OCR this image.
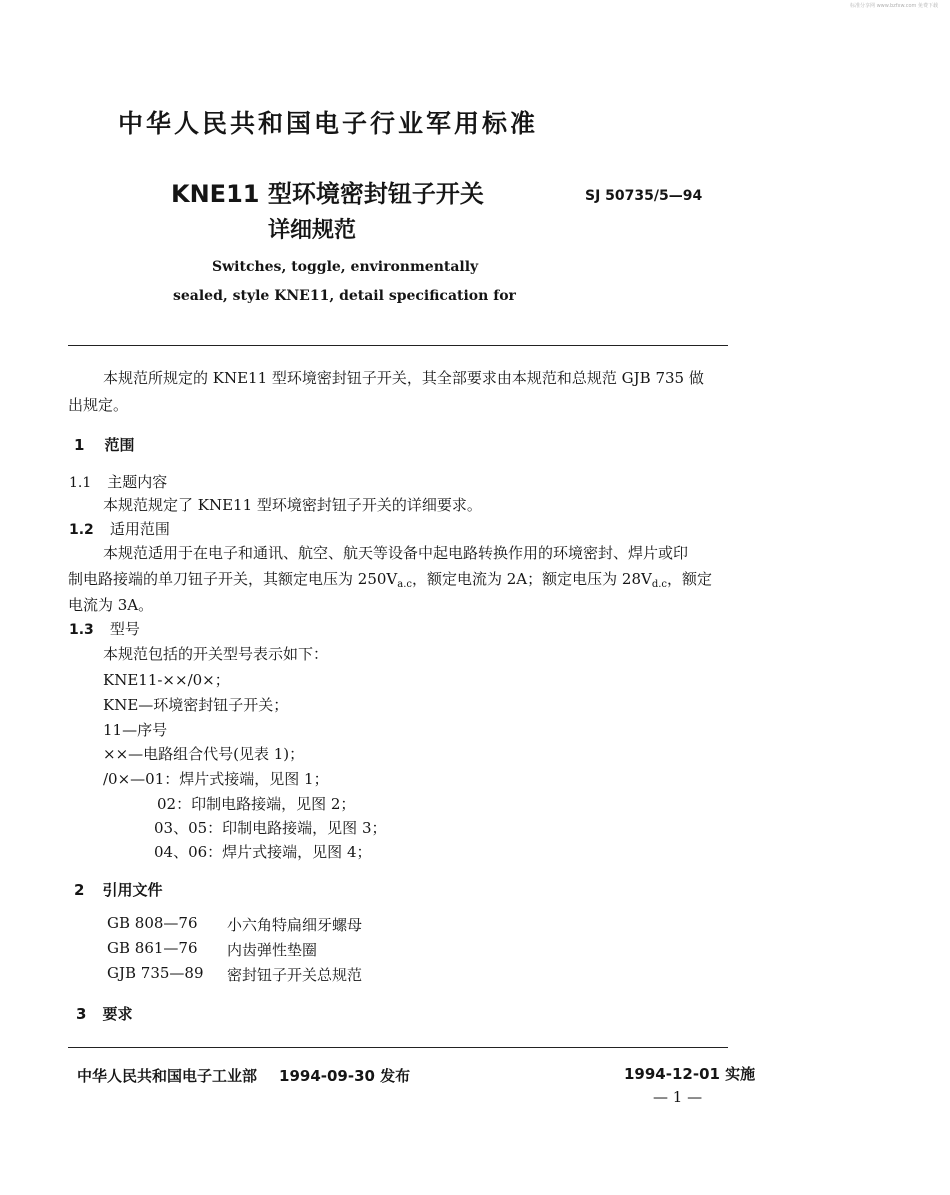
标准分享网 www.bzfxw.com 免费下载
中华人民共和国电子行业军用标准
KNE11 型环境密封钮子开关
详细规范
SJ 50735/5—94
Switches, toggle, environmentally
sealed, style KNE11, detail specification for
本规范所规定的 KNE11 型环境密封钮子开关，其全部要求由本规范和总规范 GJB 735 做
出规定。
1 范围
1.1 主题内容
本规范规定了 KNE11 型环境密封钮子开关的详细要求。
1.2 适用范围
本规范适用于在电子和通讯、航空、航天等设备中起电路转换作用的环境密封、焊片或印
制电路接端的单刀钮子开关，其额定电压为 $250V_{a.c}$，额定电流为 2A；额定电压为 $28V_{d.c}$，额定
电流为 3A。
1.3 型号
本规范包括的开关型号表示如下：
KNE11-××/0×；
KNE—环境密封钮子开关；
11—序号
××—电路组合代号(见表 1)；
/0×—01：焊片式接端，见图 1；
02：印制电路接端，见图 2；
03、05：印制电路接端，见图 3；
04、06：焊片式接端，见图 4；
2 引用文件
GB 808—76	小六角特扁细牙螺母
GB 861—76	内齿弹性垫圈
GJB 735—89	密封钮子开关总规范
3 要求
中华人民共和国电子工业部 1994-09-30 发布	1994-12-01 实施
— 1 —
